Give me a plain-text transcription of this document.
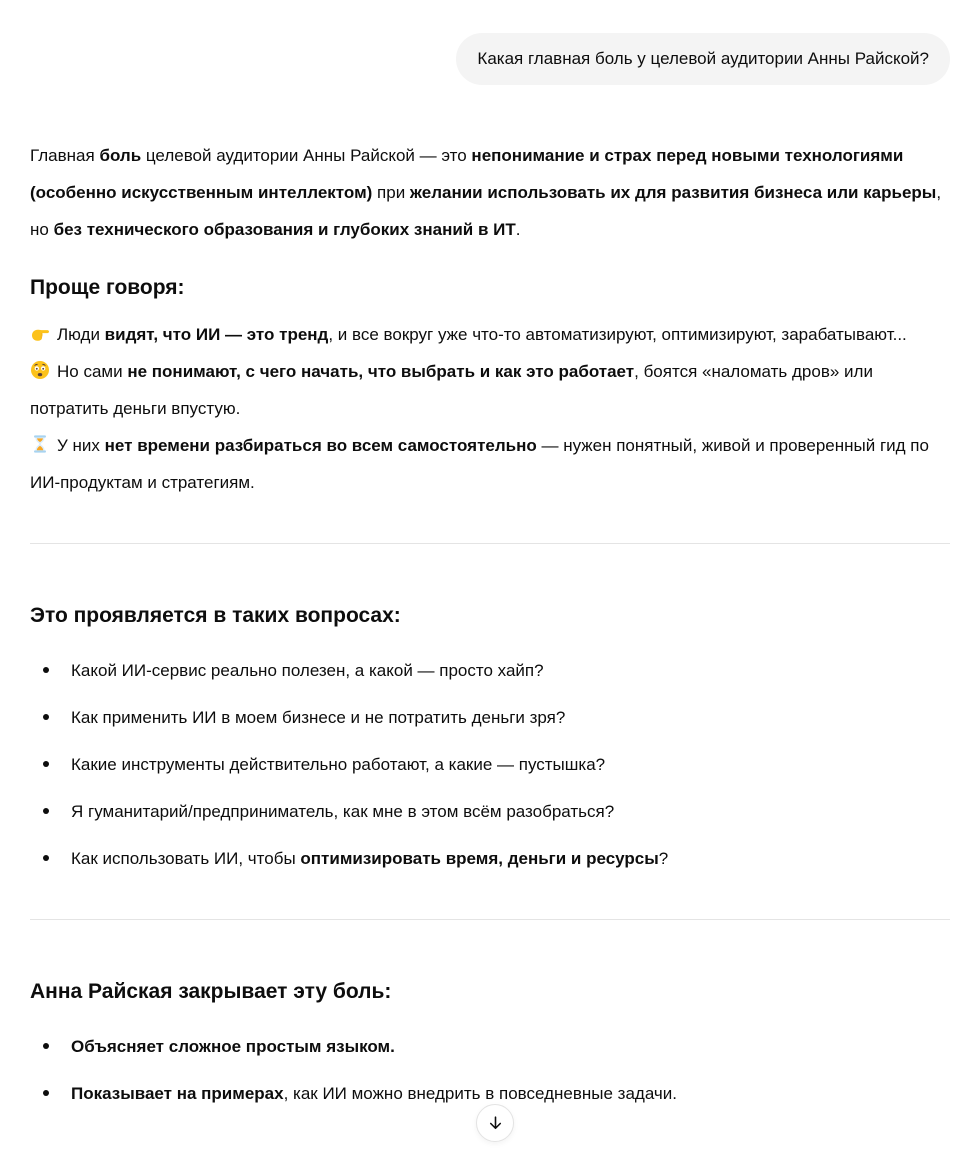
Какая главная боль у целевой аудитории Анны Райской?

Главная боль целевой аудитории Анны Райской — это непонимание и страх перед новыми технологиями (особенно искусственным интеллектом) при желании использовать их для развития бизнеса или карьеры, но без технического образования и глубоких знаний в ИТ.

Проще говоря:

Люди видят, что ИИ — это тренд, и все вокруг уже что-то автоматизируют, оптимизируют, зарабатывают...

Но сами не понимают, с чего начать, что выбрать и как это работает, боятся «наломать дров» или потратить деньги впустую.

У них нет времени разбираться во всем самостоятельно — нужен понятный, живой и проверенный гид по ИИ-продуктам и стратегиям.

Это проявляется в таких вопросах:
Какой ИИ-сервис реально полезен, а какой — просто хайп?
Как применить ИИ в моем бизнесе и не потратить деньги зря?
Какие инструменты действительно работают, а какие — пустышка?
Я гуманитарий/предприниматель, как мне в этом всём разобраться?
Как использовать ИИ, чтобы оптимизировать время, деньги и ресурсы?
Анна Райская закрывает эту боль:
Объясняет сложное простым языком.
Показывает на примерах, как ИИ можно внедрить в повседневные задачи.
